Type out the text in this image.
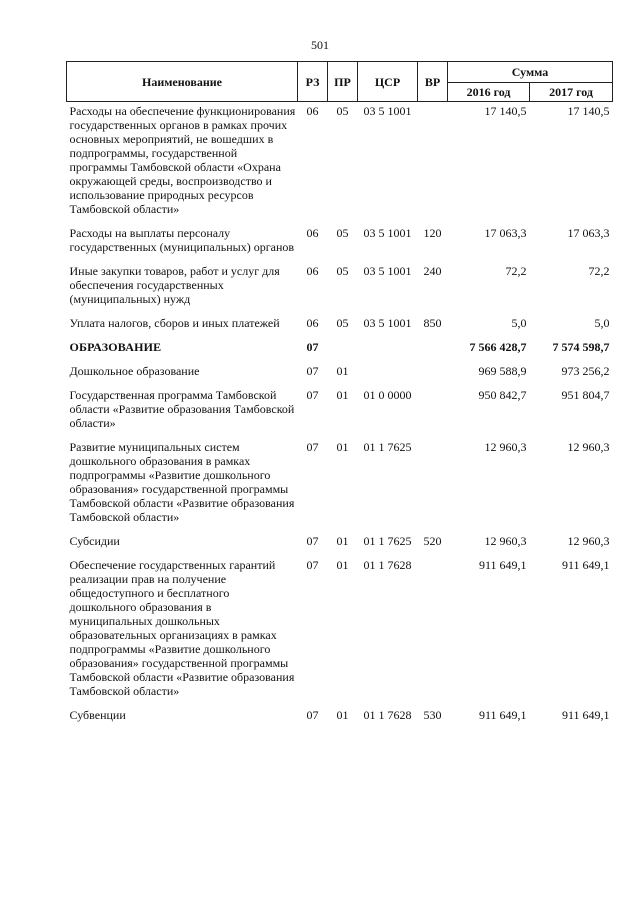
501
Наименование	РЗ	ПР	ЦСР	ВР	Сумма	
					2016 год	2017 год
Расходы на обеспечение функционирования государственных органов в рамках прочих основных мероприятий, не вошедших в подпрограммы, государственной программы Тамбовской области «Охрана окружающей среды, воспроизводство и использование природных ресурсов Тамбовской области»	06	05	03 5 1001		17 140,5	17 140,5
Расходы на выплаты персоналу государственных (муниципальных) органов	06	05	03 5 1001	120	17 063,3	17 063,3
Иные закупки товаров, работ и услуг для обеспечения государственных (муниципальных) нужд	06	05	03 5 1001	240	72,2	72,2
Уплата налогов, сборов и иных платежей	06	05	03 5 1001	850	5,0	5,0
ОБРАЗОВАНИЕ	07				7 566 428,7	7 574 598,7
Дошкольное образование	07	01			969 588,9	973 256,2
Государственная программа Тамбовской области «Развитие образования Тамбовской области»	07	01	01 0 0000		950 842,7	951 804,7
Развитие муниципальных систем дошкольного образования в рамках подпрограммы «Развитие дошкольного образования» государственной программы Тамбовской области «Развитие образования Тамбовской области»	07	01	01 1 7625		12 960,3	12 960,3
Субсидии	07	01	01 1 7625	520	12 960,3	12 960,3
Обеспечение государственных гарантий реализации прав на получение общедоступного и бесплатного дошкольного образования в муниципальных дошкольных образовательных организациях в рамках подпрограммы «Развитие дошкольного образования» государственной программы Тамбовской области «Развитие образования Тамбовской области»	07	01	01 1 7628		911 649,1	911 649,1
Субвенции	07	01	01 1 7628	530	911 649,1	911 649,1
